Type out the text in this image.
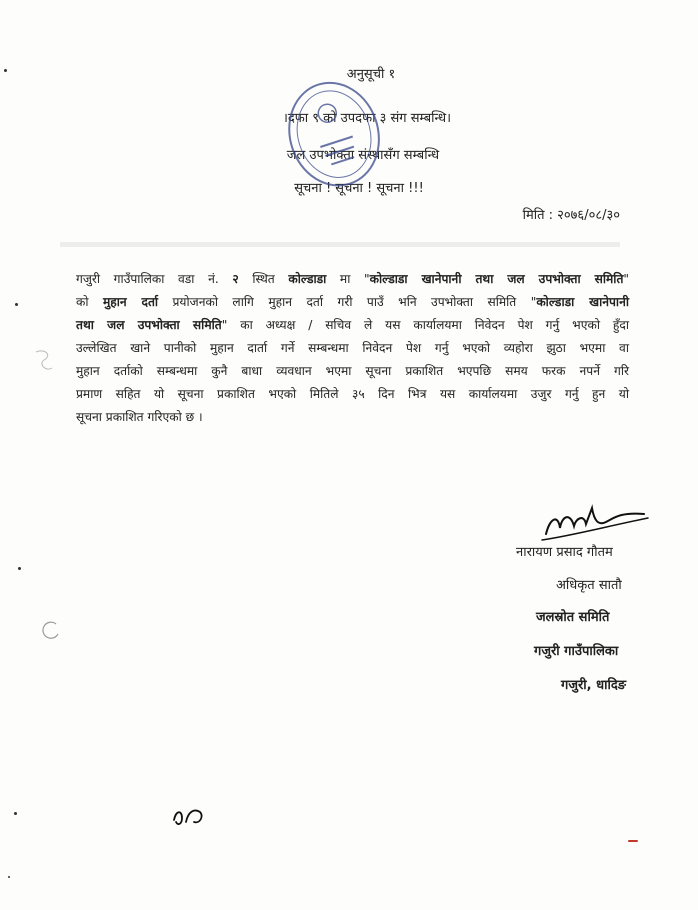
अनुसूची १
।दफा ९ को उपदफा ३ संग सम्बन्धि।
जल उपभोक्ता संस्थासँग सम्बन्धि
सूचना ! सूचना ! सूचना !!!
मिति : २०७६/०८/३०
गजुरी गाउँपालिका वडा नं. २ स्थित कोल्डाडा मा "कोल्डाडा खानेपानी तथा जल उपभोक्ता समिति"
को मुहान दर्ता प्रयोजनको लागि मुहान दर्ता गरी पाउँ भनि उपभोक्ता समिति "कोल्डाडा खानेपानी
तथा जल उपभोक्ता समिति" का अध्यक्ष / सचिव ले यस कार्यालयमा निवेदन पेश गर्नु भएको हुँदा
उल्लेखित खाने पानीको मुहान दार्ता गर्ने सम्बन्धमा निवेदन पेश गर्नु भएको व्यहोरा झुठा भएमा वा
मुहान दर्ताको सम्बन्धमा कुनै बाधा व्यवधान भएमा सूचना प्रकाशित भएपछि समय फरक नपर्ने गरि
प्रमाण सहित यो सूचना प्रकाशित भएको मितिले ३५ दिन भित्र यस कार्यालयमा उजुर गर्नु हुन यो
सूचना प्रकाशित गरिएको छ ।
नारायण प्रसाद गौतम
अधिकृत सातौ
जलस्रोत समिति
गजुरी गाउँपालिका
गजुरी, धादिङ
